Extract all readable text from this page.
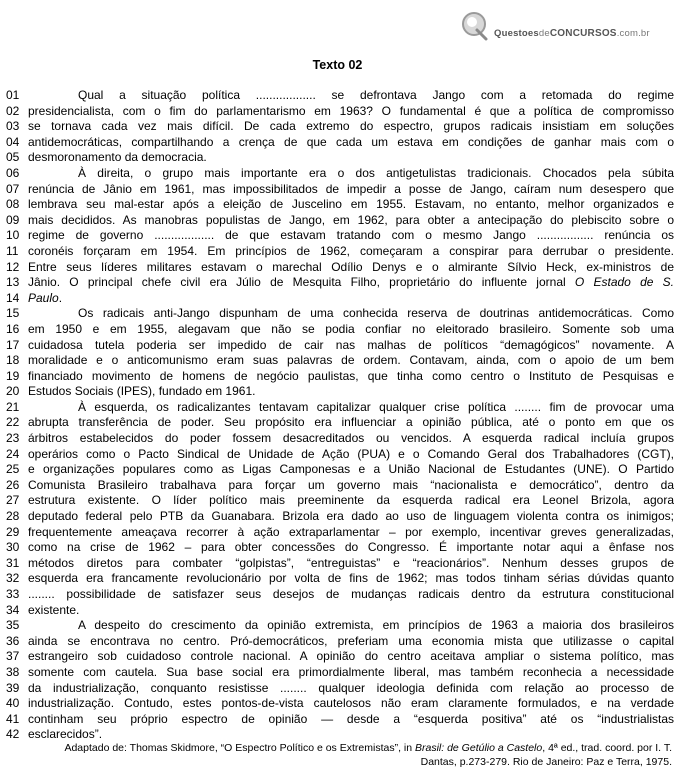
QuestoesdeCONCURSOS.com.br
Texto 02
01	Qual a situação política .................. se defrontava Jango com a retomada do regime
02 presidencialista, com o fim do parlamentarismo em 1963? O fundamental é que a política de compromisso
03 se tornava cada vez mais difícil. De cada extremo do espectro, grupos radicais insistiam em soluções
04 antidemocráticas, compartilhando a crença de que cada um estava em condições de ganhar mais com o
05 desmoronamento da democracia.
06	À direita, o grupo mais importante era o dos antigetulistas tradicionais. Chocados pela súbita
07 renúncia de Jânio em 1961, mas impossibilitados de impedir a posse de Jango, caíram num desespero que
08 lembrava seu mal-estar após a eleição de Juscelino em 1955. Estavam, no entanto, melhor organizados e
09 mais decididos. As manobras populistas de Jango, em 1962, para obter a antecipação do plebiscito sobre o
10 regime de governo .................. de que estavam tratando com o mesmo Jango ................. renúncia os
11 coronéis forçaram em 1954. Em princípios de 1962, começaram a conspirar para derrubar o presidente.
12 Entre seus líderes militares estavam o marechal Odílio Denys e o almirante Sílvio Heck, ex-ministros de
13 Jânio. O principal chefe civil era Júlio de Mesquita Filho, proprietário do influente jornal O Estado de S.
14 Paulo.
15	Os radicais anti-Jango dispunham de uma conhecida reserva de doutrinas antidemocráticas. Como
16 em 1950 e em 1955, alegavam que não se podia confiar no eleitorado brasileiro. Somente sob uma
17 cuidadosa tutela poderia ser impedido de cair nas malhas de políticos “demagógicos” novamente. A
18 moralidade e o anticomunismo eram suas palavras de ordem. Contavam, ainda, com o apoio de um bem
19 financiado movimento de homens de negócio paulistas, que tinha como centro o Instituto de Pesquisas e
20 Estudos Sociais (IPES), fundado em 1961.
21	À esquerda, os radicalizantes tentavam capitalizar qualquer crise política ........ fim de provocar uma
22 abrupta transferência de poder. Seu propósito era influenciar a opinião pública, até o ponto em que os
23 árbitros estabelecidos do poder fossem desacreditados ou vencidos. A esquerda radical incluía grupos
24 operários como o Pacto Sindical de Unidade de Ação (PUA) e o Comando Geral dos Trabalhadores (CGT),
25 e organizações populares como as Ligas Camponesas e a União Nacional de Estudantes (UNE). O Partido
26 Comunista Brasileiro trabalhava para forçar um governo mais “nacionalista e democrático”, dentro da
27 estrutura existente. O líder político mais preeminente da esquerda radical era Leonel Brizola, agora
28 deputado federal pelo PTB da Guanabara. Brizola era dado ao uso de linguagem violenta contra os inimigos;
29 frequentemente ameaçava recorrer à ação extraparlamentar – por exemplo, incentivar greves generalizadas,
30 como na crise de 1962 – para obter concessões do Congresso. É importante notar aqui a ênfase nos
31 métodos diretos para combater “golpistas”, “entreguistas” e “reacionários”. Nenhum desses grupos de
32 esquerda era francamente revolucionário por volta de fins de 1962; mas todos tinham sérias dúvidas quanto
33 ........ possibilidade de satisfazer seus desejos de mudanças radicais dentro da estrutura constitucional
34 existente.
35	A despeito do crescimento da opinião extremista, em princípios de 1963 a maioria dos brasileiros
36 ainda se encontrava no centro. Pró-democráticos, preferiam uma economia mista que utilizasse o capital
37 estrangeiro sob cuidadoso controle nacional. A opinião do centro aceitava ampliar o sistema político, mas
38 somente com cautela. Sua base social era primordialmente liberal, mas também reconhecia a necessidade
39 da industrialização, conquanto resistisse ........ qualquer ideologia definida com relação ao processo de
40 industrialização. Contudo, estes pontos-de-vista cautelosos não eram claramente formulados, e na verdade
41 continham seu próprio espectro de opinião — desde a “esquerda positiva” até os “industrialistas
42 esclarecidos”.
Adaptado de: Thomas Skidmore, “O Espectro Político e os Extremistas”, in Brasil: de Getúlio a Castelo, 4ª ed., trad. coord. por I. T.
Dantas, p.273-279. Rio de Janeiro: Paz e Terra, 1975.
